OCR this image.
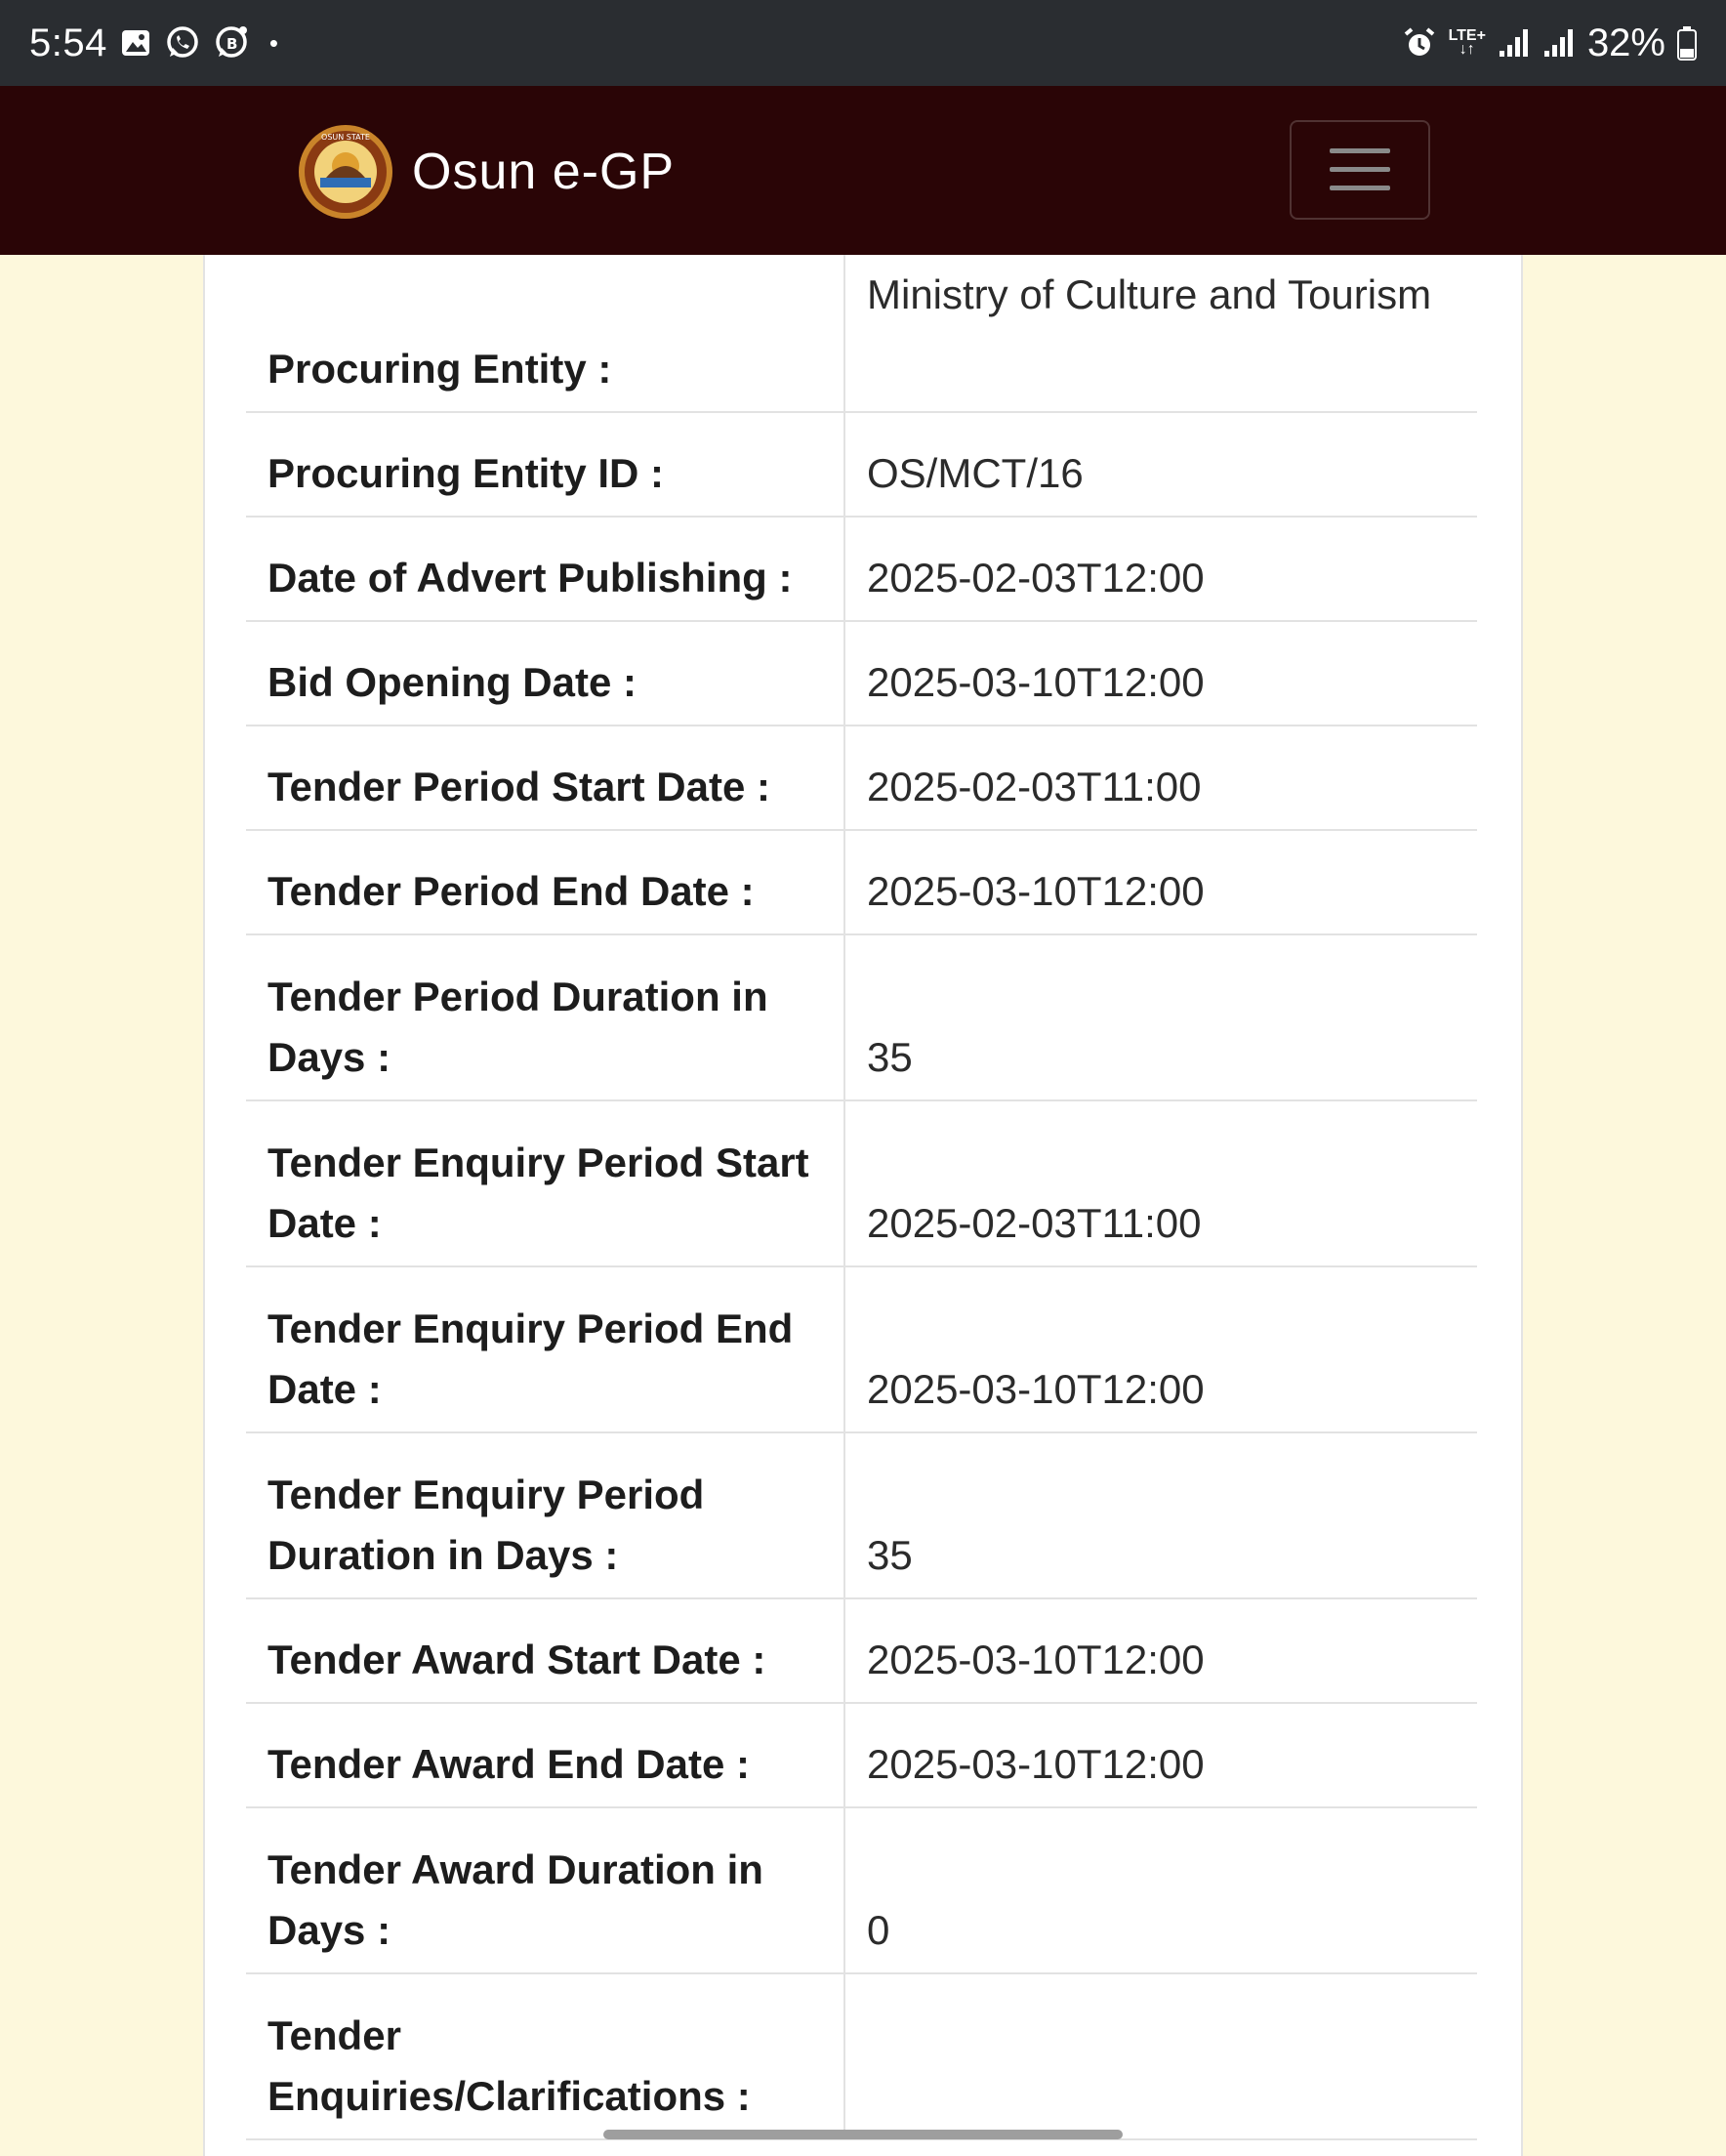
5:54	B •	LTE+
↓↑	32%
OSUN STATE
Osun e-GP
Procuring Entity :	Ministry of Culture and Tourism
Procuring Entity ID :	OS/MCT/16
Date of Advert Publishing :	2025-02-03T12:00
Bid Opening Date :	2025-03-10T12:00
Tender Period Start Date :	2025-02-03T11:00
Tender Period End Date :	2025-03-10T12:00
Tender Period Duration in Days :	35
Tender Enquiry Period Start Date :	2025-02-03T11:00
Tender Enquiry Period End Date :	2025-03-10T12:00
Tender Enquiry Period Duration in Days :	35
Tender Award Start Date :	2025-03-10T12:00
Tender Award End Date :	2025-03-10T12:00
Tender Award Duration in Days :	0
Tender Enquiries/Clarifications :	
